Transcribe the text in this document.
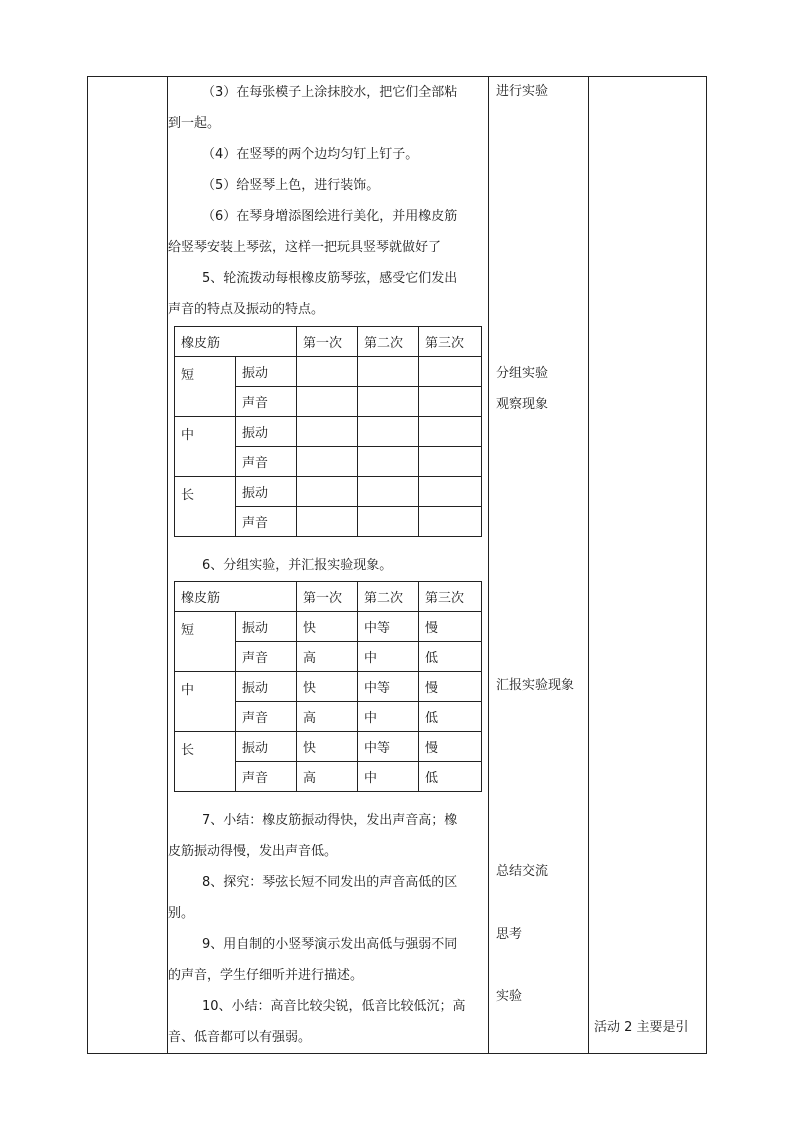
（3）在每张模子上涂抹胶水，把它们全部粘

到一起。

（4）在竖琴的两个边均匀钉上钉子。

（5）给竖琴上色，进行装饰。

（6）在琴身增添图绘进行美化，并用橡皮筋

给竖琴安装上琴弦，这样一把玩具竖琴就做好了

5、轮流拨动每根橡皮筋琴弦，感受它们发出

声音的特点及振动的特点。

橡皮筋		第一次	第二次	第三次
短	振动			
	声音			
中	振动			
	声音			
长	振动			
	声音			

6、分组实验，并汇报实验现象。

橡皮筋		第一次	第二次	第三次
短	振动	快	中等	慢
	声音	高	中	低
中	振动	快	中等	慢
	声音	高	中	低
长	振动	快	中等	慢
	声音	高	中	低

7、小结：橡皮筋振动得快，发出声音高；橡

皮筋振动得慢，发出声音低。

8、探究：琴弦长短不同发出的声音高低的区

别。

9、用自制的小竖琴演示发出高低与强弱不同

的声音，学生仔细听并进行描述。

10、小结：高音比较尖锐，低音比较低沉；高

音、低音都可以有强弱。

进行实验
分组实验
观察现象
汇报实验现象
总结交流
思考
实验
活动 2 主要是引
